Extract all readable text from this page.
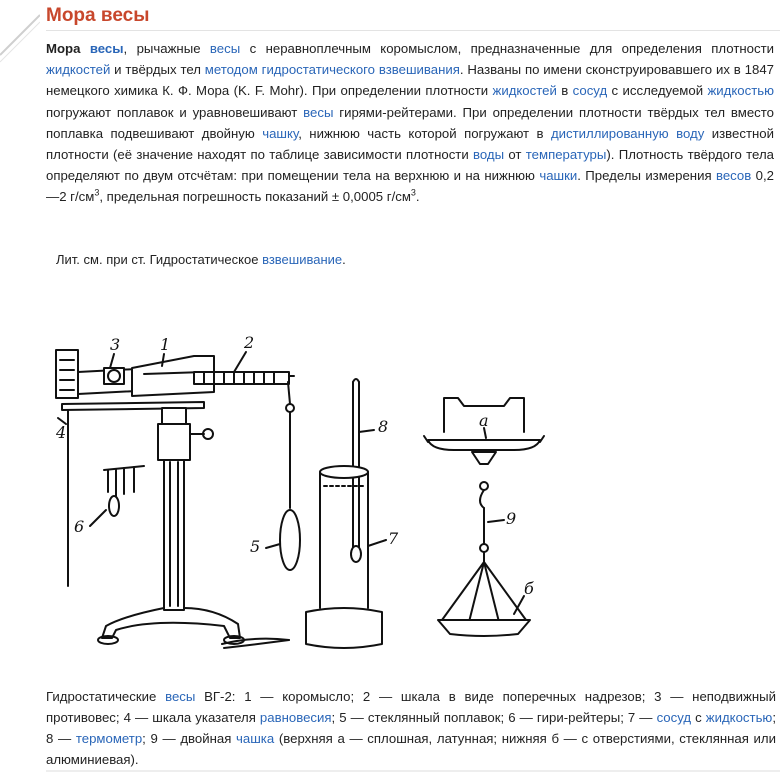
Мора весы
Мора весы, рычажные весы с неравноплечным коромыслом, предназначенные для определения плотности жидкостей и твёрдых тел методом гидростатического взвешивания. Названы по имени сконструировавшего их в 1847 немецкого химика К. Ф. Мора (K. F. Mohr). При определении плотности жидкостей в сосуд с исследуемой жидкостью погружают поплавок и уравновешивают весы гирями-рейтерами. При определении плотности твёрдых тел вместо поплавка подвешивают двойную чашку, нижнюю часть которой погружают в дистиллированную воду известной плотности (её значение находят по таблице зависимости плотности воды от температуры). Плотность твёрдого тела определяют по двум отсчётам: при помещении тела на верхнюю и на нижнюю чашки. Пределы измерения весов 0,2—2 $г/см^3$, предельная погрешность показаний ± 0,0005 $г/см^3$.
Лит. см. при ст. Гидростатическое взвешивание.
3 1	2
4
6
5	7
8	а
9
б
Гидростатические весы ВГ-2: 1 — коромысло; 2 — шкала в виде поперечных надрезов; 3 — неподвижный противовес; 4 — шкала указателя равновесия; 5 — стеклянный поплавок; 6 — гири-рейтеры; 7 — сосуд с жидкостью; 8 — термометр; 9 — двойная чашка (верхняя а — сплошная, латунная; нижняя б — с отверстиями, стеклянная или алюминиевая).
